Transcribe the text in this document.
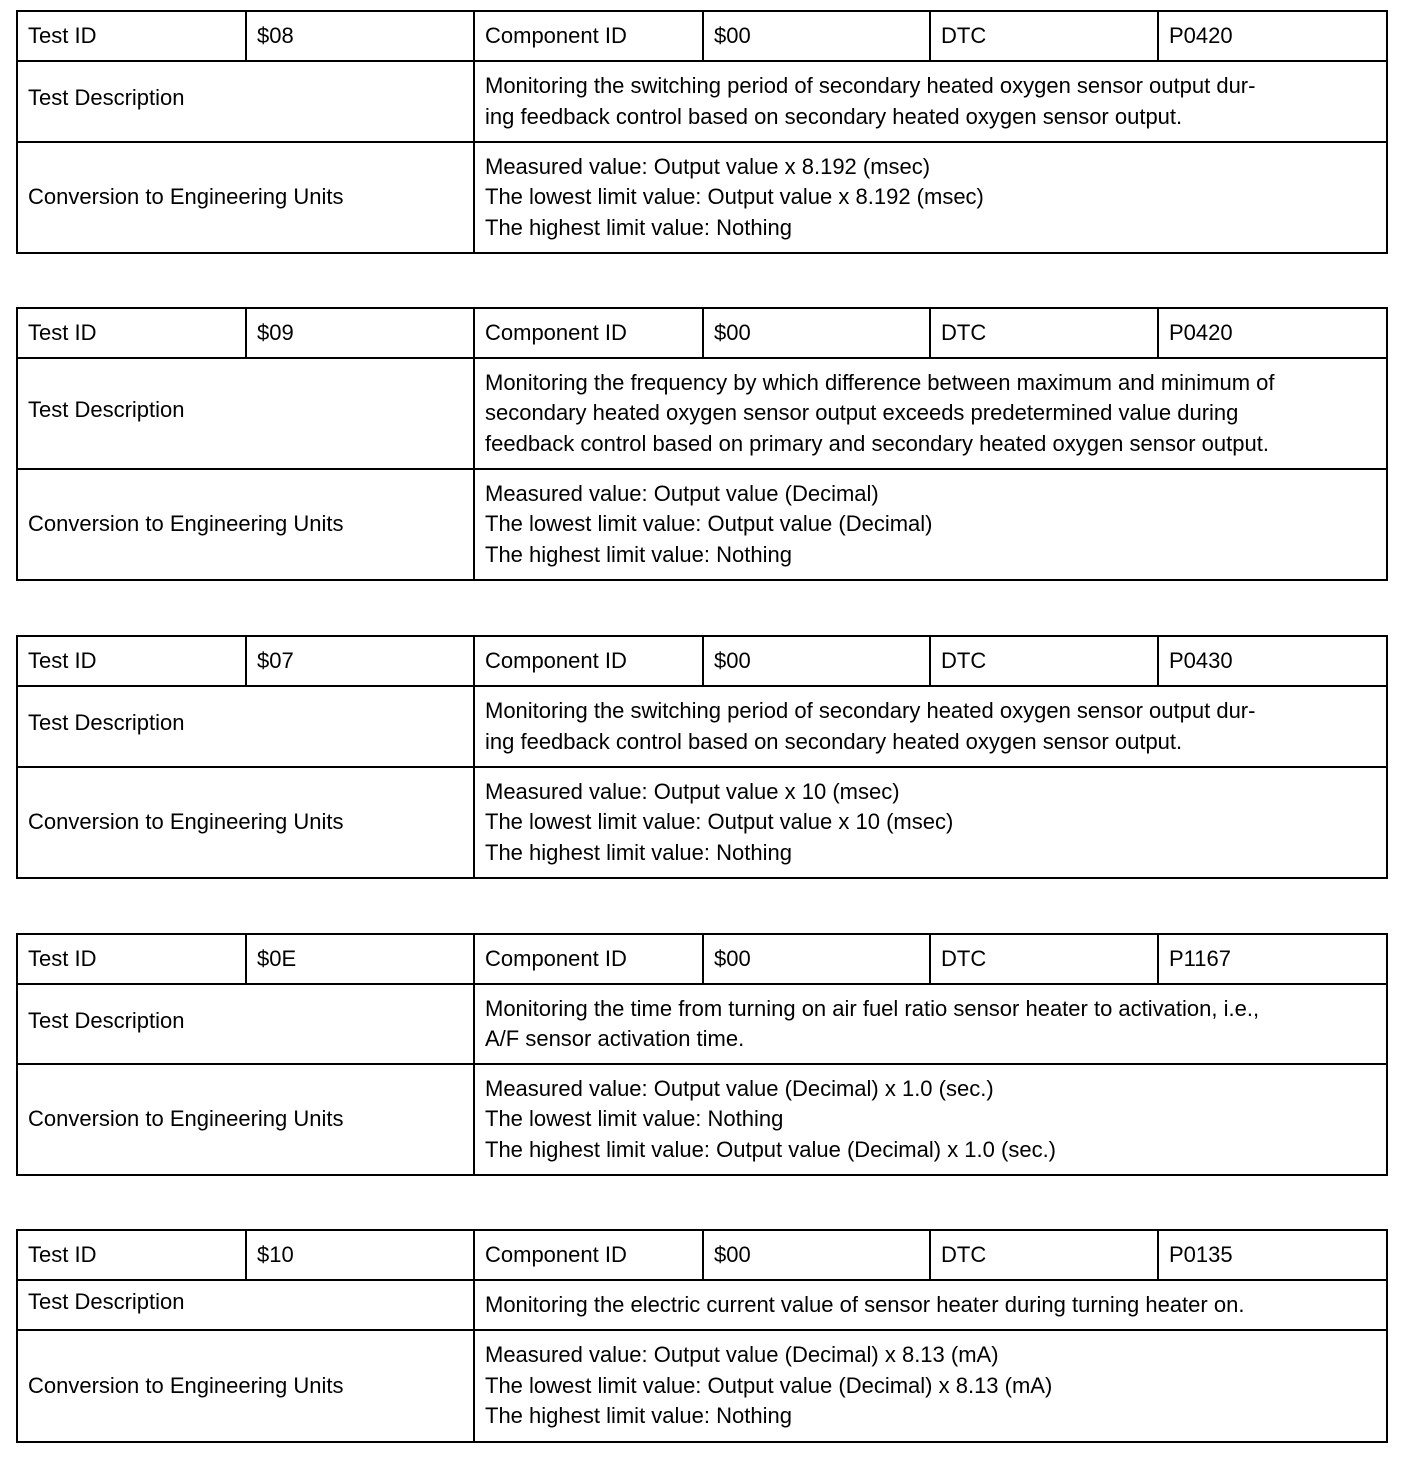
Test ID	$08	Component ID	$00	DTC	P0420
Test Description		Monitoring the switching period of secondary heated oxygen sensor output dur-
ing feedback control based on secondary heated oxygen sensor output.			

Conversion to Engineering Units		Measured value: Output value x 8.192 (msec)
The lowest limit value: Output value x 8.192 (msec)
The highest limit value: Nothing			
Test ID	$09	Component ID	$00	DTC	P0420
Test Description		Monitoring the frequency by which difference between maximum and minimum of
secondary heated oxygen sensor output exceeds predetermined value during
feedback control based on primary and secondary heated oxygen sensor output.			

Conversion to Engineering Units		Measured value: Output value (Decimal)
The lowest limit value: Output value (Decimal)
The highest limit value: Nothing			
Test ID	$07	Component ID	$00	DTC	P0430
Test Description		Monitoring the switching period of secondary heated oxygen sensor output dur-
ing feedback control based on secondary heated oxygen sensor output.			

Conversion to Engineering Units		Measured value: Output value x 10 (msec)
The lowest limit value: Output value x 10 (msec)
The highest limit value: Nothing			
Test ID	$0E	Component ID	$00	DTC	P1167
Test Description		Monitoring the time from turning on air fuel ratio sensor heater to activation, i.e.,
A/F sensor activation time.			

Conversion to Engineering Units		Measured value: Output value (Decimal) x 1.0 (sec.)
The lowest limit value: Nothing
The highest limit value: Output value (Decimal) x 1.0 (sec.)			
Test ID	$10	Component ID	$00	DTC	P0135
Test Description		Monitoring the electric current value of sensor heater during turning heater on.			

Conversion to Engineering Units		Measured value: Output value (Decimal) x 8.13 (mA)
The lowest limit value: Output value (Decimal) x 8.13 (mA)
The highest limit value: Nothing			
